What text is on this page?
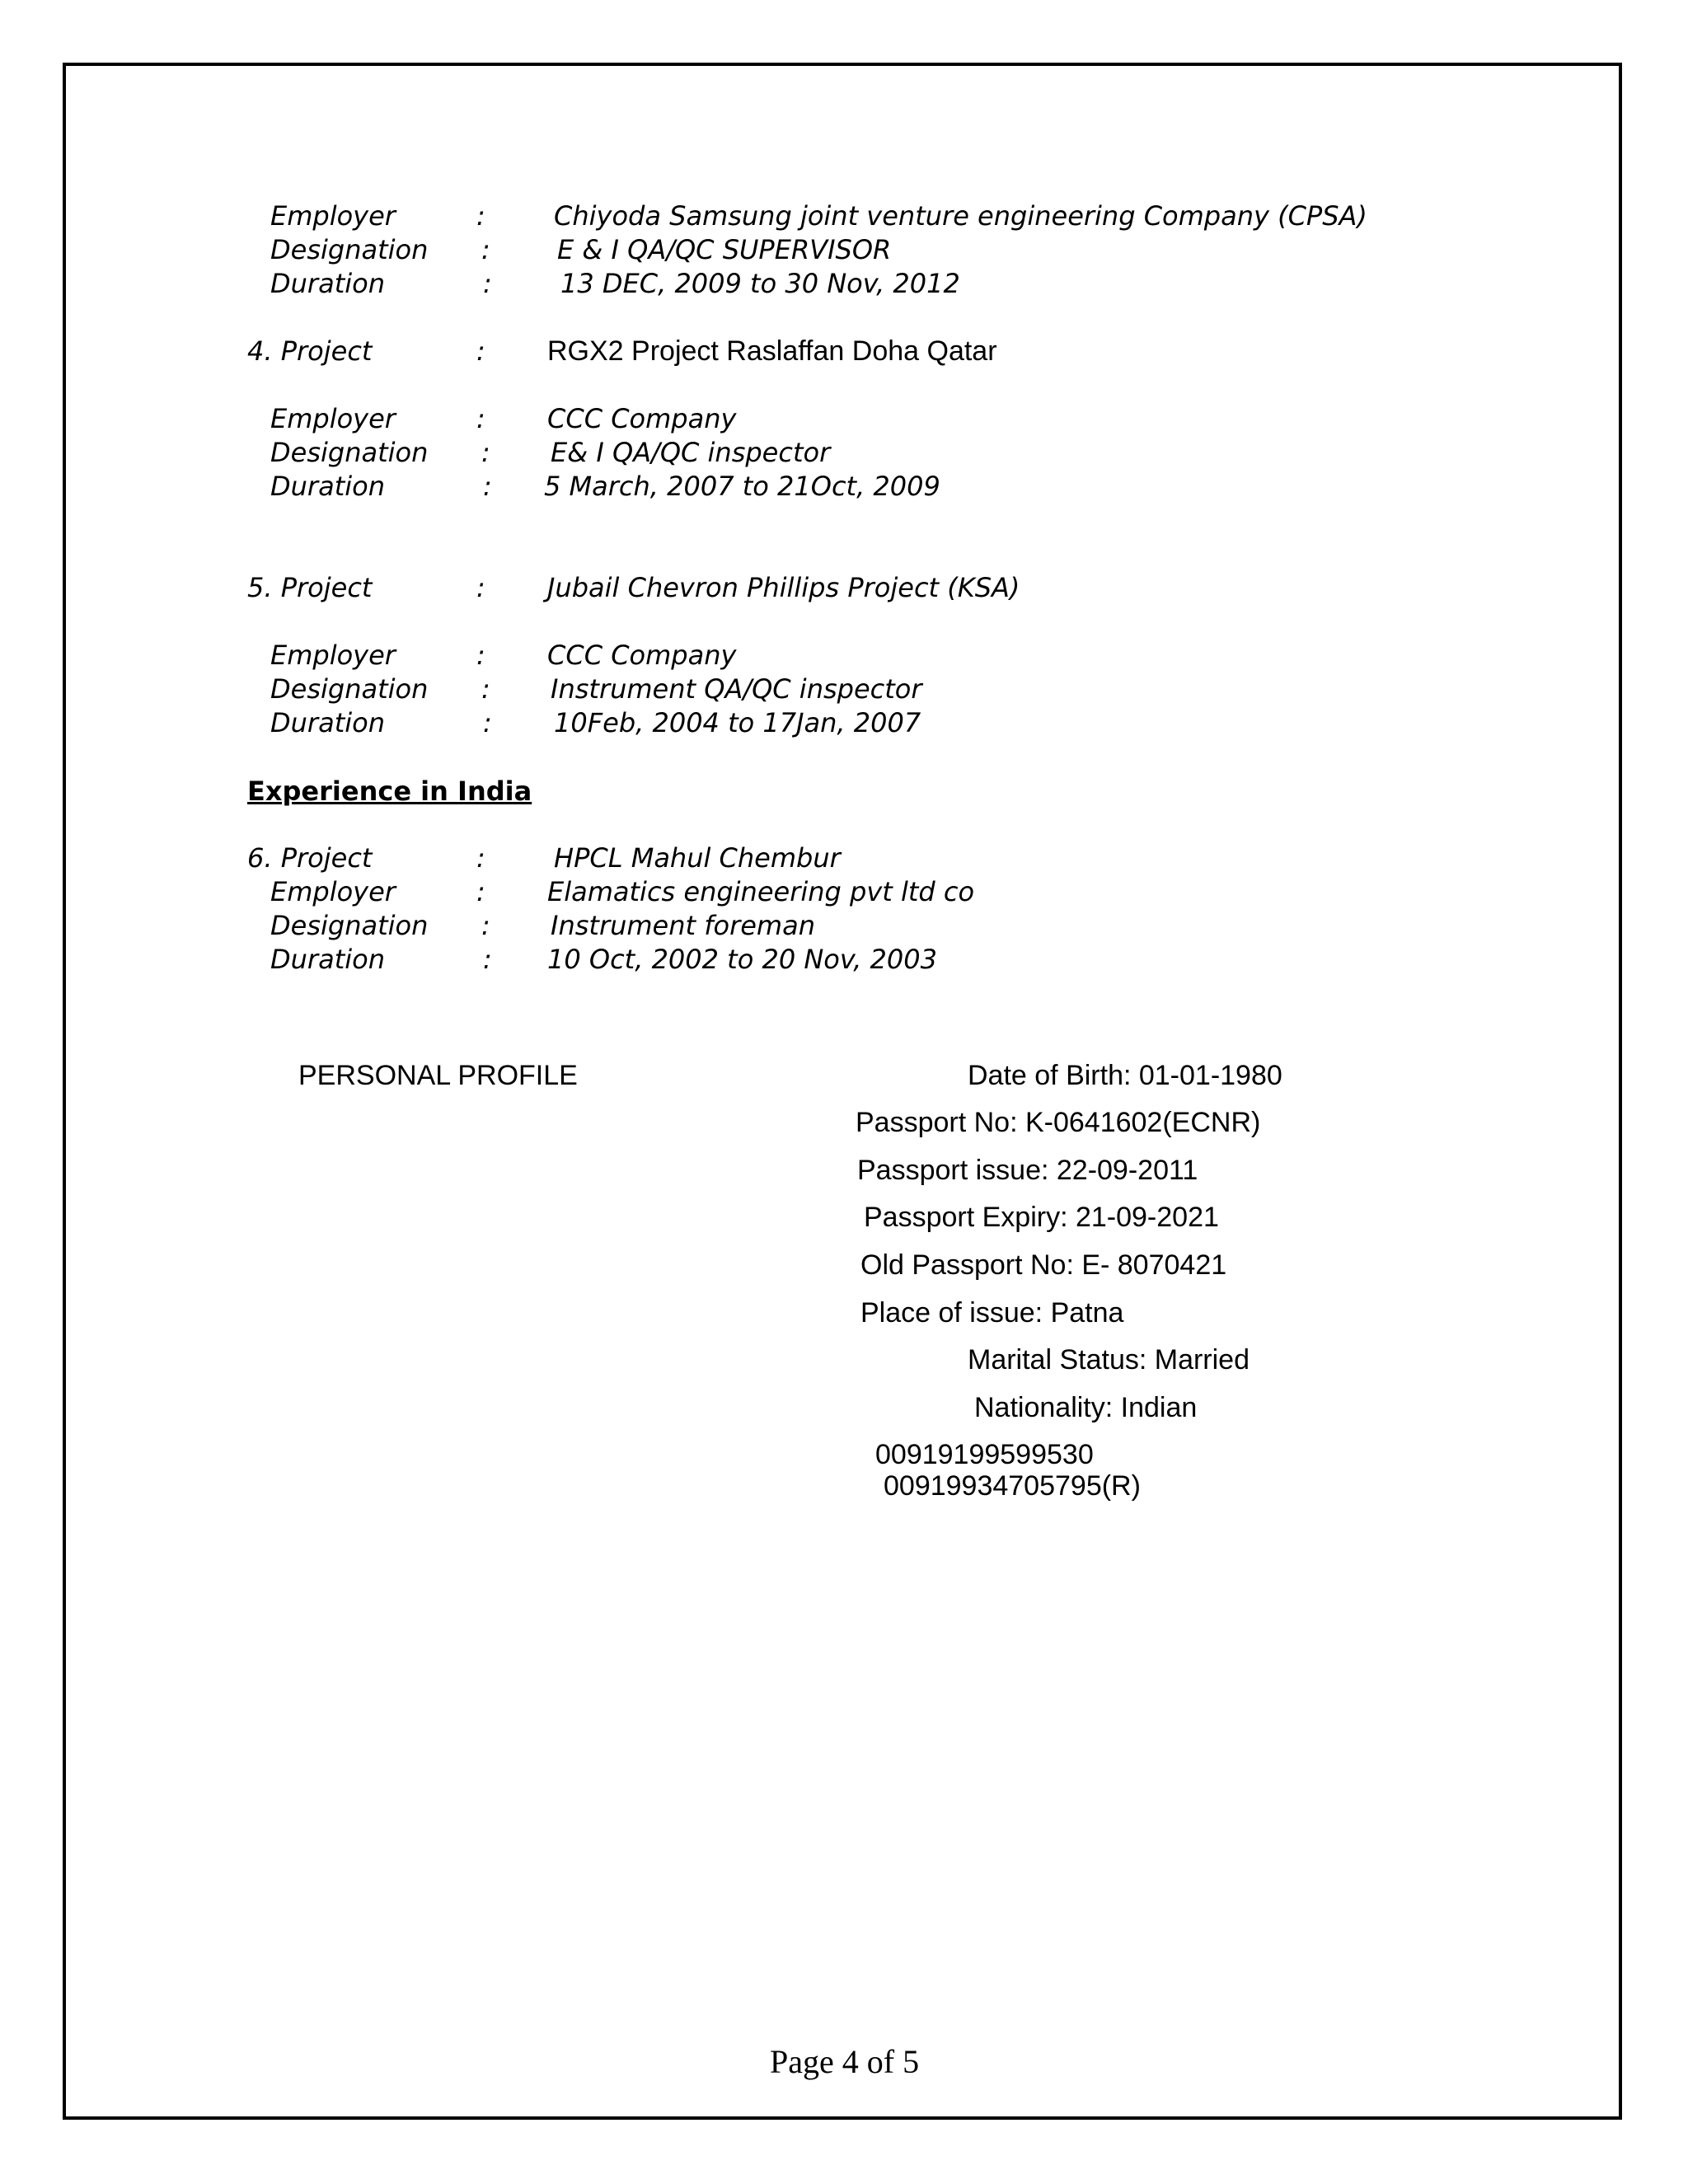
Employer	:	Chiyoda Samsung joint venture engineering Company (CPSA)
Designation :	E & I QA/QC SUPERVISOR
Duration	:	13 DEC, 2009 to 30 Nov, 2012
4. Project	: RGX2 Project Raslaffan Doha Qatar
Employer	: CCC Company
Designation : E& I QA/QC inspector
Duration	: 5 March, 2007 to 21Oct, 2009
5. Project	: Jubail Chevron Phillips Project (KSA)
Employer	: CCC Company
Designation : Instrument QA/QC inspector
Duration	: 10Feb, 2004 to 17Jan, 2007
Experience in India
6. Project	:	HPCL Mahul Chembur
Employer	: Elamatics engineering pvt ltd co
Designation : Instrument foreman
Duration	: 10 Oct, 2002 to 20 Nov, 2003
PERSONAL PROFILE	Date of Birth: 01-01-1980
Passport No: K-0641602(ECNR)
Passport issue: 22-09-2011
Passport Expiry: 21-09-2021
Old Passport No: E- 8070421
Place of issue: Patna
Marital Status: Married
Nationality: Indian
00919199599530
00919934705795(R)
Page 4 of 5
